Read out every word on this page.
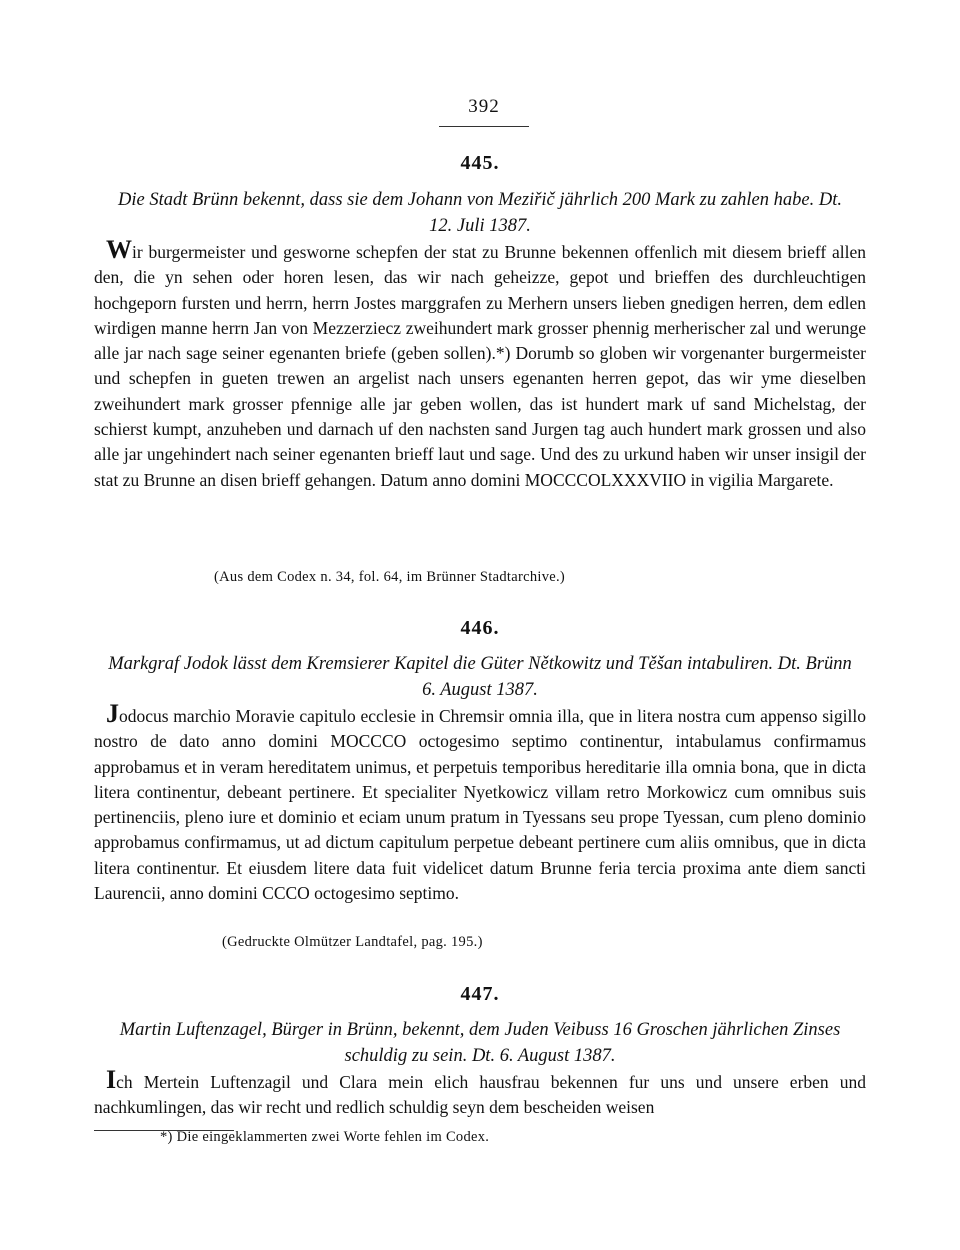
392
445.
Die Stadt Brünn bekennt, dass sie dem Johann von Meziřič jährlich 200 Mark zu zahlen habe. Dt. 12. Juli 1387.
Wir burgermeister und gesworne schepfen der stat zu Brunne bekennen offenlich mit diesem brieff allen den, die yn sehen oder horen lesen, das wir nach geheizze, gepot und brieffen des durchleuchtigen hochgeporn fursten und herrn, herrn Jostes marggrafen zu Merhern unsers lieben gnedigen herren, dem edlen wirdigen manne herrn Jan von Mezzerziecz zweihundert mark grosser phennig merherischer zal und werunge alle jar nach sage seiner egenanten briefe (geben sollen).*) Dorumb so globen wir vorgenanter burgermeister und schepfen in gueten trewen an argelist nach unsers egenanten herren gepot, das wir yme dieselben zweihundert mark grosser pfennige alle jar geben wollen, das ist hundert mark uf sand Michelstag, der schierst kumpt, anzuheben und darnach uf den nachsten sand Jurgen tag auch hundert mark grossen und also alle jar ungehindert nach seiner egenanten brieff laut und sage. Und des zu urkund haben wir unser insigil der stat zu Brunne an disen brieff gehangen. Datum anno domini MOCCCOLXXXVIIO in vigilia Margarete.
(Aus dem Codex n. 34, fol. 64, im Brünner Stadtarchive.)
446.
Markgraf Jodok lässt dem Kremsierer Kapitel die Güter Nětkowitz und Těšan intabuliren. Dt. Brünn 6. August 1387.
Jodocus marchio Moravie capitulo ecclesie in Chremsir omnia illa, que in litera nostra cum appenso sigillo nostro de dato anno domini MOCCCO octogesimo septimo continentur, intabulamus confirmamus approbamus et in veram hereditatem unimus, et perpetuis temporibus hereditarie illa omnia bona, que in dicta litera continentur, debeant pertinere. Et specialiter Nyetkowicz villam retro Morkowicz cum omnibus suis pertinenciis, pleno iure et dominio et eciam unum pratum in Tyessans seu prope Tyessan, cum pleno dominio approbamus confirmamus, ut ad dictum capitulum perpetue debeant pertinere cum aliis omnibus, que in dicta litera continentur. Et eiusdem litere data fuit videlicet datum Brunne feria tercia proxima ante diem sancti Laurencii, anno domini CCCO octogesimo septimo.
(Gedruckte Olmützer Landtafel, pag. 195.)
447.
Martin Luftenzagel, Bürger in Brünn, bekennt, dem Juden Veibuss 16 Groschen jährlichen Zinses schuldig zu sein. Dt. 6. August 1387.
Ich Mertein Luftenzagil und Clara mein elich hausfrau bekennen fur uns und unsere erben und nachkumlingen, das wir recht und redlich schuldig seyn dem bescheiden weisen
*) Die eingeklammerten zwei Worte fehlen im Codex.
